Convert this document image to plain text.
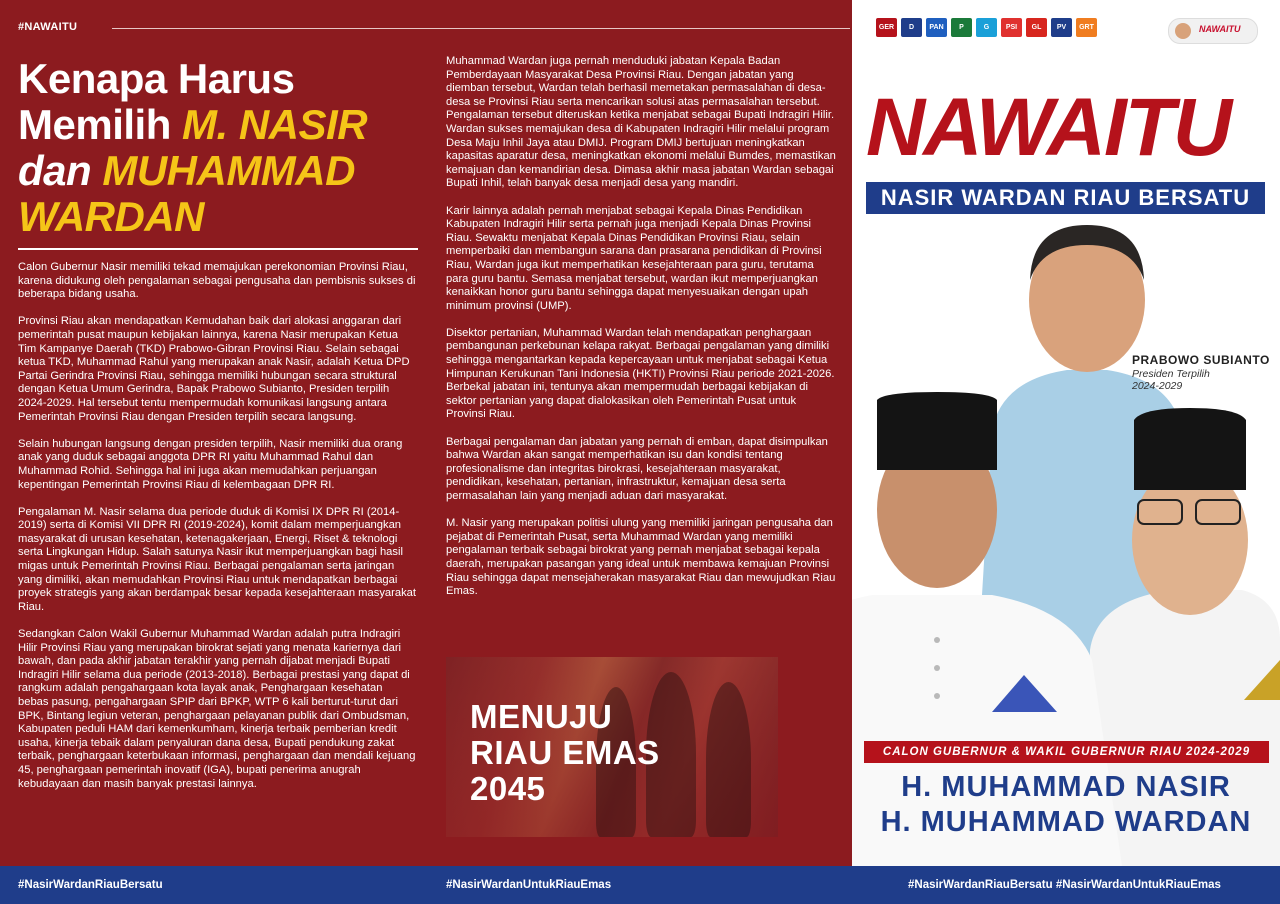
#NAWAITU
Kenapa Harus
Memilih M. NASIR
dan MUHAMMAD
WARDAN

Calon Gubernur Nasir memiliki tekad memajukan perekonomian Provinsi Riau, karena didukung oleh pengalaman sebagai pengusaha dan pembisnis sukses di beberapa bidang usaha.

Provinsi Riau akan mendapatkan Kemudahan baik dari alokasi anggaran dari pemerintah pusat maupun kebijakan lainnya, karena Nasir merupakan Ketua Tim Kampanye Daerah (TKD) Prabowo-Gibran Provinsi Riau. Selain sebagai ketua TKD, Muhammad Rahul yang merupakan anak Nasir, adalah Ketua DPD Partai Gerindra Provinsi Riau, sehingga memiliki hubungan secara struktural dengan Ketua Umum Gerindra, Bapak Prabowo Subianto, Presiden terpilih 2024-2029. Hal tersebut tentu mempermudah komunikasi langsung antara Pemerintah Provinsi Riau dengan Presiden terpilih secara langsung.

Selain hubungan langsung dengan presiden terpilih, Nasir memiliki dua orang anak yang duduk sebagai anggota DPR RI yaitu Muhammad Rahul dan Muhammad Rohid. Sehingga hal ini juga akan memudahkan perjuangan kepentingan Pemerintah Provinsi Riau di kelembagaan DPR RI.

Pengalaman M. Nasir selama dua periode duduk di Komisi IX DPR RI (2014-2019) serta di Komisi VII DPR RI (2019-2024), komit dalam memperjuangkan masyarakat di urusan kesehatan, ketenagakerjaan, Energi, Riset & teknologi serta Lingkungan Hidup. Salah satunya Nasir ikut memperjuangkan bagi hasil migas untuk Pemerintah Provinsi Riau. Berbagai pengalaman serta jaringan yang dimiliki, akan memudahkan Provinsi Riau untuk mendapatkan berbagai proyek strategis yang akan berdampak besar kepada kesejahteraan masyarakat Riau.

Sedangkan Calon Wakil Gubernur Muhammad Wardan adalah putra Indragiri Hilir Provinsi Riau yang merupakan birokrat sejati yang menata kariernya dari bawah, dan pada akhir jabatan terakhir yang pernah dijabat menjadi Bupati Indragiri Hilir selama dua periode (2013-2018). Berbagai prestasi yang dapat di rangkum adalah pengahargaan kota layak anak, Penghargaan kesehatan bebas pasung, pengahargaan SPIP dari BPKP, WTP 6 kali berturut-turut dari BPK, Bintang legiun veteran, penghargaan pelayanan publik dari Ombudsman, Kabupaten peduli HAM dari kemenkumham, kinerja terbaik pemberian kredit usaha, kinerja tebaik dalam penyaluran dana desa, Bupati pendukung zakat terbaik, penghargaan keterbukaan informasi, penghargaan dan mendali kejuang 45, penghargaan pemerintah inovatif (IGA), bupati penerima anugrah kebudayaan dan masih banyak prestasi lainnya.

Muhammad Wardan juga pernah menduduki jabatan Kepala Badan Pemberdayaan Masyarakat Desa Provinsi Riau. Dengan jabatan yang diemban tersebut, Wardan telah berhasil memetakan permasalahan di desa-desa se Provinsi Riau serta mencarikan solusi atas permasalahan tersebut. Pengalaman tersebut diteruskan ketika menjabat sebagai Bupati Indragiri Hilir. Wardan sukses memajukan desa di Kabupaten Indragiri Hilir melalui program Desa Maju Inhil Jaya atau DMIJ. Program DMIJ bertujuan meningkatkan kapasitas aparatur desa, meningkatkan ekonomi melalui Bumdes, memastikan kemajuan dan kemandirian desa. Dimasa akhir masa jabatan Wardan sebagai Bupati Inhil, telah banyak desa menjadi desa yang mandiri.

Karir lainnya adalah pernah menjabat sebagai Kepala Dinas Pendidikan Kabupaten Indragiri Hilir serta pernah juga menjadi Kepala Dinas Provinsi Riau. Sewaktu menjabat Kepala Dinas Pendidikan Provinsi Riau, selain memperbaiki dan membangun sarana dan prasarana pendidikan di Provinsi Riau, Wardan juga ikut memperhatikan kesejahteraan para guru, terutama para guru bantu. Semasa menjabat tersebut, wardan ikut memperjuangkan kenaikkan honor guru bantu sehingga dapat menyesuaikan dengan upah minimum provinsi (UMP).

Disektor pertanian, Muhammad Wardan telah mendapatkan penghargaan pembangunan perkebunan kelapa rakyat. Berbagai pengalaman yang dimiliki sehingga mengantarkan kepada kepercayaan untuk menjabat sebagai Ketua Himpunan Kerukunan Tani Indonesia (HKTI) Provinsi Riau periode 2021-2026. Berbekal jabatan ini, tentunya akan mempermudah berbagai kebijakan di sektor pertanian yang dapat dialokasikan oleh Pemerintah Pusat untuk Provinsi Riau.

Berbagai pengalaman dan jabatan yang pernah di emban, dapat disimpulkan bahwa Wardan akan sangat memperhatikan isu dan kondisi tentang profesionalisme dan integritas birokrasi, kesejahteraan masyarakat, pendidikan, kesehatan, pertanian, infrastruktur, kemajuan desa serta permasalahan lain yang menjadi aduan dari masyarakat.

M. Nasir yang merupakan politisi ulung yang memiliki jaringan pengusaha dan pejabat di Pemerintah Pusat, serta Muhammad Wardan yang memiliki pengalaman terbaik sebagai birokrat yang pernah menjabat sebagai kepala daerah, merupakan pasangan yang ideal untuk membawa kemajuan Provinsi Riau sehingga dapat mensejaherakan masyarakat Riau dan mewujudkan Riau Emas.

MENUJU
RIAU EMAS
2045
GER	D	PAN	P	G	PSI	GL	PV	GRT	NAWAITU
NAWAITU
NASIR WARDAN RIAU BERSATU
PRABOWO SUBIANTO
Presiden Terpilih
2024-2029
CALON GUBERNUR & WAKIL GUBERNUR RIAU 2024-2029
H. MUHAMMAD NASIR
H. MUHAMMAD WARDAN
#NasirWardanRiauBersatu	#NasirWardanUntukRiauEmas	#NasirWardanRiauBersatu #NasirWardanUntukRiauEmas
